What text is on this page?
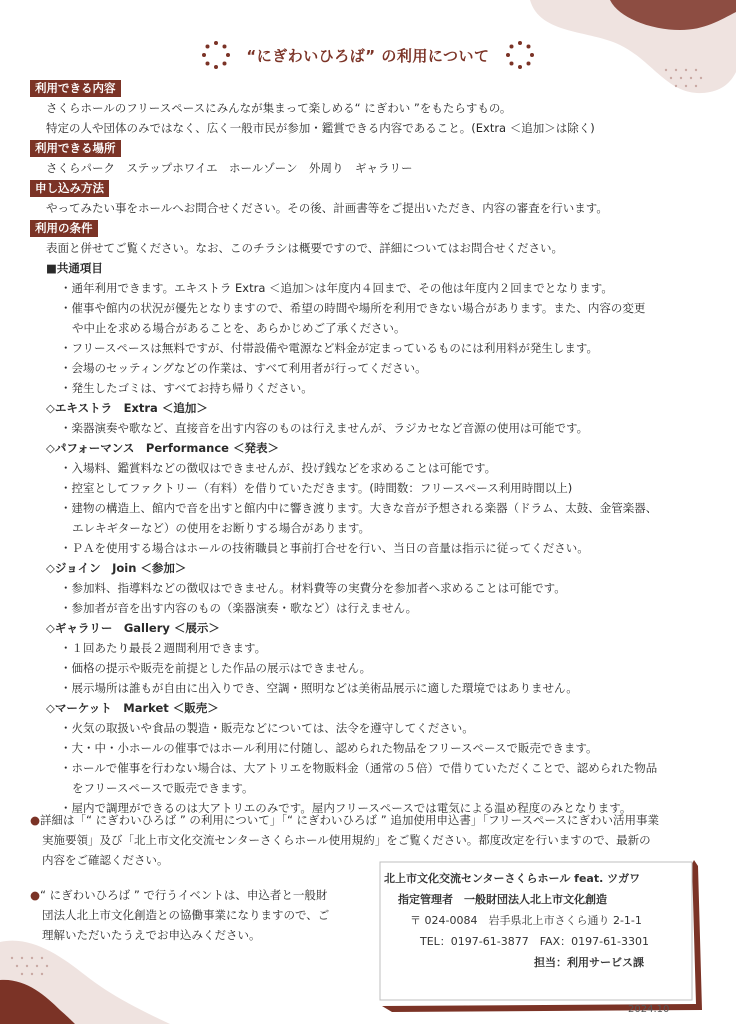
“にぎわいひろば” の利用について
利用できる内容
さくらホールのフリースペースにみんなが集まって楽しめる“ にぎわい ”をもたらすもの。
特定の人や団体のみではなく、広く一般市民が参加・鑑賞できる内容であること。(Extra ＜追加＞は除く)
利用できる場所
さくらパーク　ステップホワイエ　ホールゾーン　外周り　ギャラリー
申し込み方法
やってみたい事をホールへお問合せください。その後、計画書等をご提出いただき、内容の審査を行います。
利用の条件
表面と併せてご覧ください。なお、このチラシは概要ですので、詳細についてはお問合せください。
■共通項目
・通年利用できます。エキストラ Extra ＜追加＞は年度内４回まで、その他は年度内２回までとなります。
・催事や館内の状況が優先となりますので、希望の時間や場所を利用できない場合があります。また、内容の変更
や中止を求める場合があることを、あらかじめご了承ください。
・フリースペースは無料ですが、付帯設備や電源など料金が定まっているものには利用料が発生します。
・会場のセッティングなどの作業は、すべて利用者が行ってください。
・発生したゴミは、すべてお持ち帰りください。
◇エキストラ　Extra ＜追加＞
・楽器演奏や歌など、直接音を出す内容のものは行えませんが、ラジカセなど音源の使用は可能です。
◇パフォーマンス　Performance ＜発表＞
・入場料、鑑賞料などの徴収はできませんが、投げ銭などを求めることは可能です。
・控室としてファクトリー（有料）を借りていただきます。(時間数：フリースペース利用時間以上)
・建物の構造上、館内で音を出すと館内中に響き渡ります。大きな音が予想される楽器（ドラム、太鼓、金管楽器、
エレキギターなど）の使用をお断りする場合があります。
・ＰＡを使用する場合はホールの技術職員と事前打合せを行い、当日の音量は指示に従ってください。
◇ジョイン　Join ＜参加＞
・参加料、指導料などの徴収はできません。材料費等の実費分を参加者へ求めることは可能です。
・参加者が音を出す内容のもの（楽器演奏・歌など）は行えません。
◇ギャラリー　Gallery ＜展示＞
・１回あたり最長２週間利用できます。
・価格の提示や販売を前提とした作品の展示はできません。
・展示場所は誰もが自由に出入りでき、空調・照明などは美術品展示に適した環境ではありません。
◇マーケット　Market ＜販売＞
・火気の取扱いや食品の製造・販売などについては、法令を遵守してください。
・大・中・小ホールの催事ではホール利用に付随し、認められた物品をフリースペースで販売できます。
・ホールで催事を行わない場合は、大アトリエを物販料金（通常の５倍）で借りていただくことで、認められた物品
をフリースペースで販売できます。
・屋内で調理ができるのは大アトリエのみです。屋内フリースペースでは電気による温め程度のみとなります。
●詳細は「“ にぎわいひろば ” の利用について」「“ にぎわいひろば ” 追加使用申込書」「フリースペースにぎわい活用事業
実施要領」及び「北上市文化交流センターさくらホール使用規約」をご覧ください。都度改定を行いますので、最新の
内容をご確認ください。
●“ にぎわいひろば ” で行うイベントは、申込者と一般財
団法人北上市文化創造との協働事業になりますので、ご
理解いただいたうえでお申込みください。
北上市文化交流センターさくらホール feat. ツガワ
指定管理者　一般財団法人北上市文化創造
〒 024-0084　岩手県北上市さくら通り 2-1-1
TEL：0197-61-3877　FAX：0197-61-3301
担当：利用サービス課
2024.10
